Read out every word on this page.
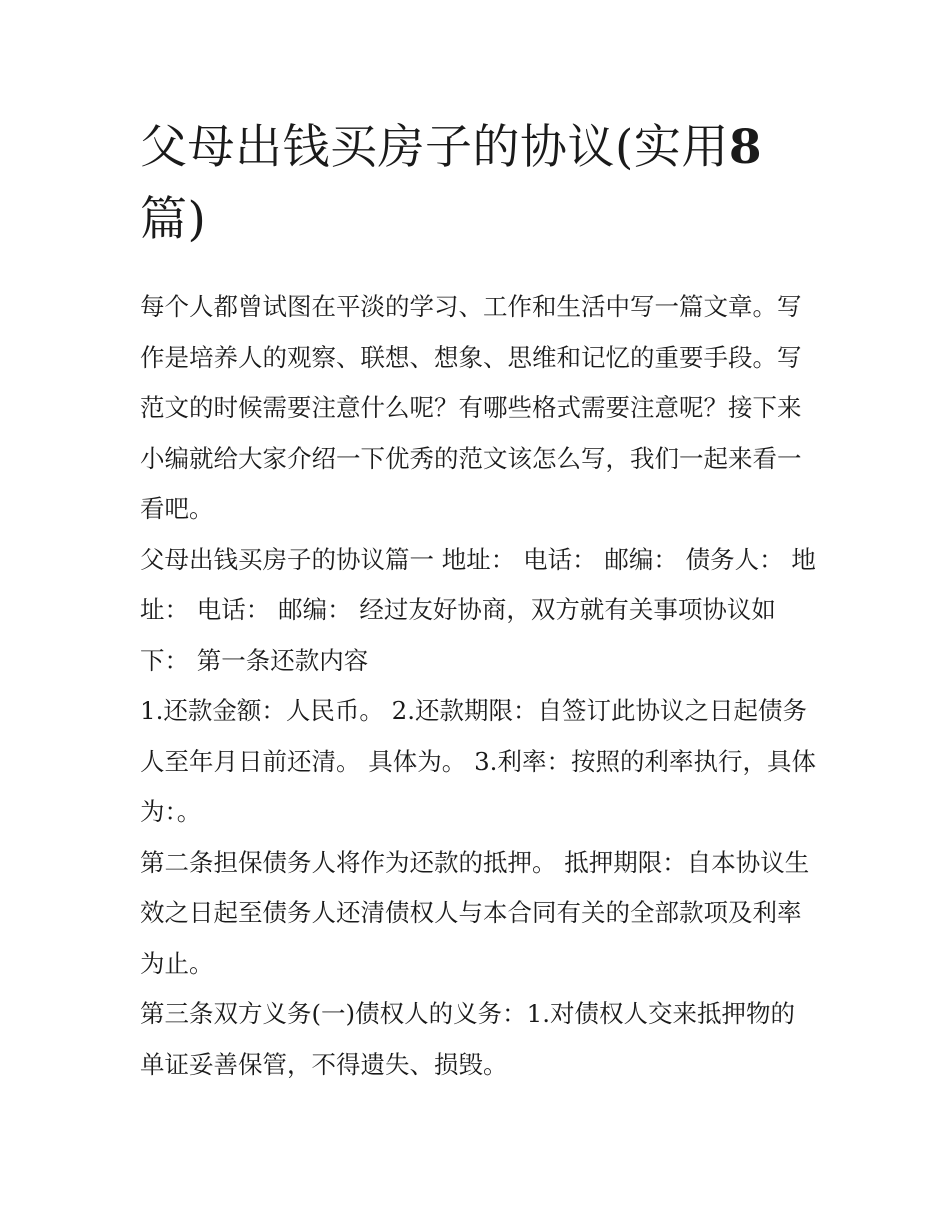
父母出钱买房子的协议(实用8
篇)

每个人都曾试图在平淡的学习、工作和生活中写一篇文章。写作是培养人的观察、联想、想象、思维和记忆的重要手段。写范文的时候需要注意什么呢？有哪些格式需要注意呢？接下来小编就给大家介绍一下优秀的范文该怎么写，我们一起来看一看吧。

父母出钱买房子的协议篇一 地址： 电话： 邮编： 债务人： 地址： 电话： 邮编： 经过友好协商，双方就有关事项协议如下： 第一条还款内容

1.还款金额：人民币。 2.还款期限：自签订此协议之日起债务人至年月日前还清。 具体为。 3.利率：按照的利率执行，具体为：。

第二条担保债务人将作为还款的抵押。 抵押期限：自本协议生效之日起至债务人还清债权人与本合同有关的全部款项及利率为止。

第三条双方义务(一)债权人的义务：1.对债权人交来抵押物的单证妥善保管，不得遗失、损毁。
